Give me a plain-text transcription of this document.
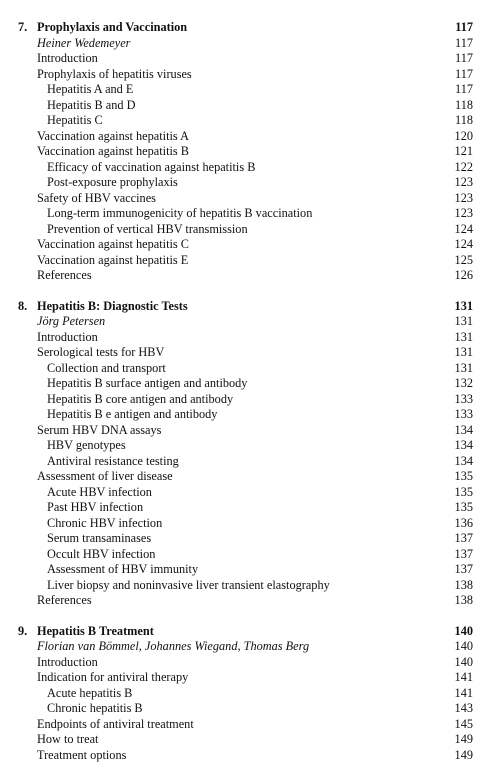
7. Prophylaxis and Vaccination	117
Heiner Wedemeyer	117
Introduction	117
Prophylaxis of hepatitis viruses	117
Hepatitis A and E	117
Hepatitis B and D	118
Hepatitis C	118
Vaccination against hepatitis A	120
Vaccination against hepatitis B	121
Efficacy of vaccination against hepatitis B	122
Post-exposure prophylaxis	123
Safety of HBV vaccines	123
Long-term immunogenicity of hepatitis B vaccination	123
Prevention of vertical HBV transmission	124
Vaccination against hepatitis C	124
Vaccination against hepatitis E	125
References	126
8. Hepatitis B: Diagnostic Tests	131
Jörg Petersen	131
Introduction	131
Serological tests for HBV	131
Collection and transport	131
Hepatitis B surface antigen and antibody	132
Hepatitis B core antigen and antibody	133
Hepatitis B e antigen and antibody	133
Serum HBV DNA assays	134
HBV genotypes	134
Antiviral resistance testing	134
Assessment of liver disease	135
Acute HBV infection	135
Past HBV infection	135
Chronic HBV infection	136
Serum transaminases	137
Occult HBV infection	137
Assessment of HBV immunity	137
Liver biopsy and noninvasive liver transient elastography	138
References	138
9. Hepatitis B Treatment	140
Florian van Bömmel, Johannes Wiegand, Thomas Berg	140
Introduction	140
Indication for antiviral therapy	141
Acute hepatitis B	141
Chronic hepatitis B	143
Endpoints of antiviral treatment	145
How to treat	149
Treatment options	149
